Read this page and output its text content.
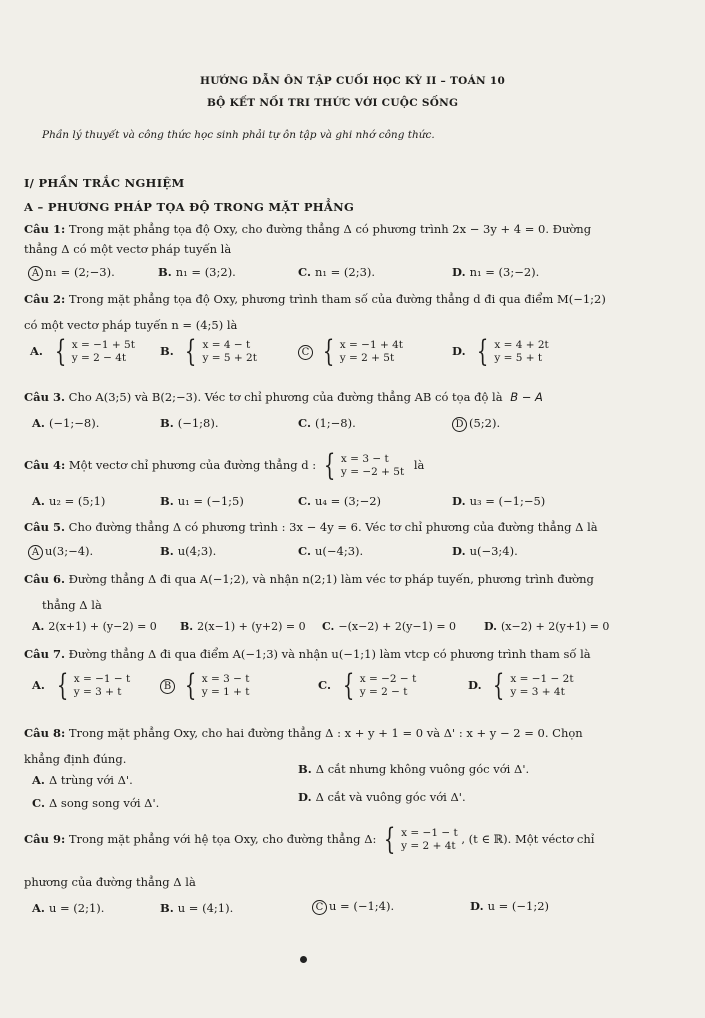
HƯỚNG DẪN ÔN TẬP CUỐI HỌC KỲ II – TOÁN 10
BỘ KẾT NỐI TRI THỨC VỚI CUỘC SỐNG
Phần lý thuyết và công thức học sinh phải tự ôn tập và ghi nhớ công thức.
I/ PHẦN TRẮC NGHIỆM
A – PHƯƠNG PHÁP TỌA ĐỘ TRONG MẶT PHẲNG
Câu 1: Trong mặt phẳng tọa độ Oxy, cho đường thẳng Δ có phương trình 2x − 3y + 4 = 0. Đường
thẳng Δ có một vectơ pháp tuyến là
A n₁ = (2;−3).	B. n₁ = (3;2).	C. n₁ = (2;3).	D. n₁ = (3;−2).
Câu 2: Trong mặt phẳng tọa độ Oxy, phương trình tham số của đường thẳng d đi qua điểm M(−1;2)
có một vectơ pháp tuyến n = (4;5) là
A. { x = −1 + 5t
y = 2 − 4t	B. { x = 4 − t
y = 5 + 2t	C { x = −1 + 4t
y = 2 + 5t	D. { x = 4 + 2t
y = 5 + t
Câu 3. Cho A(3;5) và B(2;−3). Véc tơ chỉ phương của đường thẳng AB có tọa độ là B − A
A. (−1;−8).	B. (−1;8).	C. (1;−8).	D (5;2).
Câu 4: Một vectơ chỉ phương của đường thẳng d : { x = 3 − t
y = −2 + 5t là
A. u₂ = (5;1)	B. u₁ = (−1;5)	C. u₄ = (3;−2)	D. u₃ = (−1;−5)
Câu 5. Cho đường thẳng Δ có phương trình : 3x − 4y = 6. Véc tơ chỉ phương của đường thẳng Δ là
A u(3;−4).	B. u(4;3).	C. u(−4;3).	D. u(−3;4).
Câu 6. Đường thẳng Δ đi qua A(−1;2), và nhận n(2;1) làm véc tơ pháp tuyến, phương trình đường
thẳng Δ là
A. 2(x+1) + (y−2) = 0 B. 2(x−1) + (y+2) = 0 C. −(x−2) + 2(y−1) = 0	D. (x−2) + 2(y+1) = 0
Câu 7. Đường thẳng Δ đi qua điểm A(−1;3) và nhận u(−1;1) làm vtcp có phương trình tham số là
A. { x = −1 − t
y = 3 + t	B { x = 3 − t
y = 1 + t	C. { x = −2 − t
y = 2 − t	D. { x = −1 − 2t
y = 3 + 4t
Câu 8: Trong mặt phẳng Oxy, cho hai đường thẳng Δ : x + y + 1 = 0 và Δ' : x + y − 2 = 0. Chọn
khẳng định đúng.
A. Δ trùng với Δ'.
B. Δ cắt nhưng không vuông góc với Δ'.
C. Δ song song với Δ'.	D. Δ cắt và vuông góc với Δ'.
Câu 9: Trong mặt phẳng với hệ tọa Oxy, cho đường thẳng Δ: { x = −1 − t
y = 2 + 4t , (t ∈ ℝ). Một véctơ chỉ
phương của đường thẳng Δ là
A. u = (2;1).	B. u = (4;1).	C u = (−1;4).	D. u = (−1;2)
